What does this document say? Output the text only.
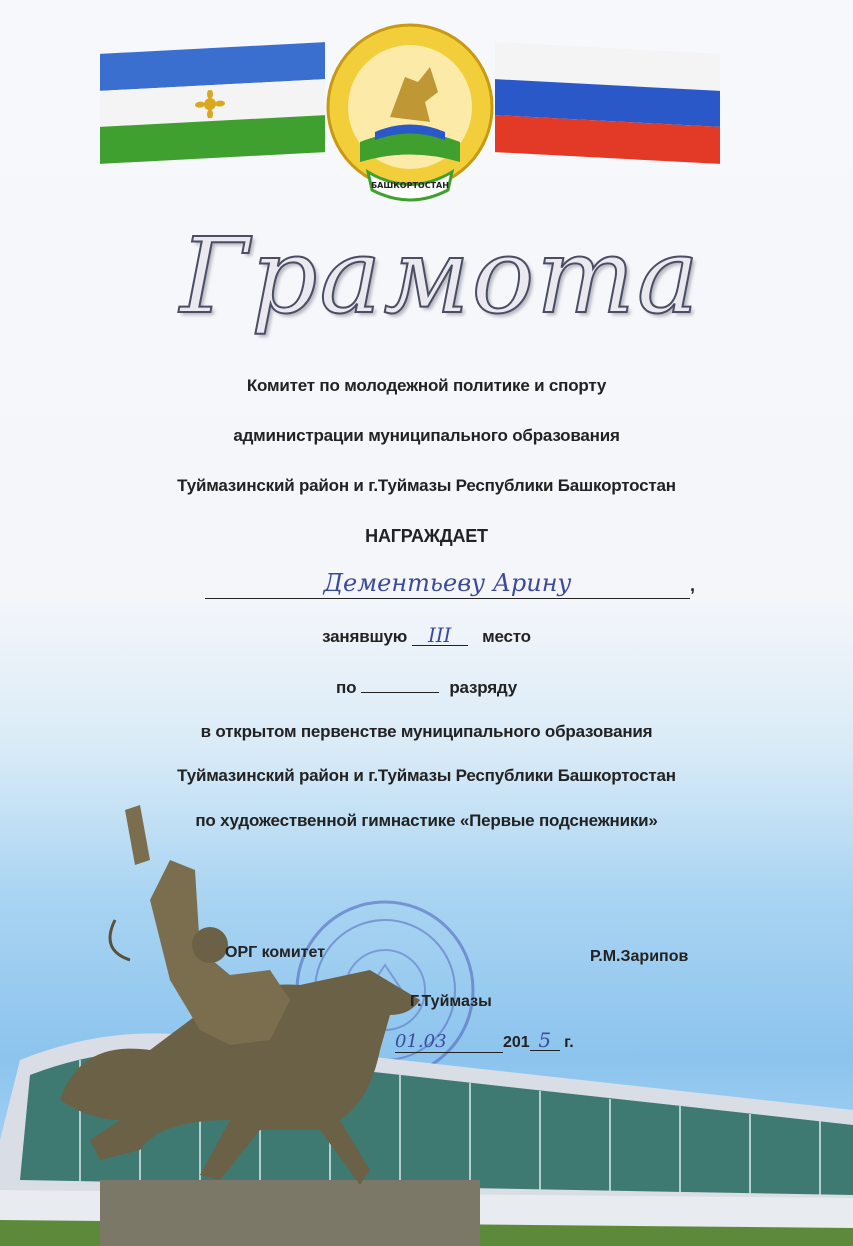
БАШКОРТОСТАН
Грамота
Комитет по молодежной политике и спорту
администрации муниципального образования
Туймазинский район и г.Туймазы Республики Башкортостан
НАГРАЖДАЕТ
Дементьеву Арину	,
занявшую III место
по	разряду
в открытом первенстве муниципального образования
Туймазинский район и г.Туймазы Республики Башкортостан
по художественной гимнастике «Первые подснежники»
ОРГ комитет	Р.М.Зарипов
Г.Туймазы
01.03	201 5 г.
